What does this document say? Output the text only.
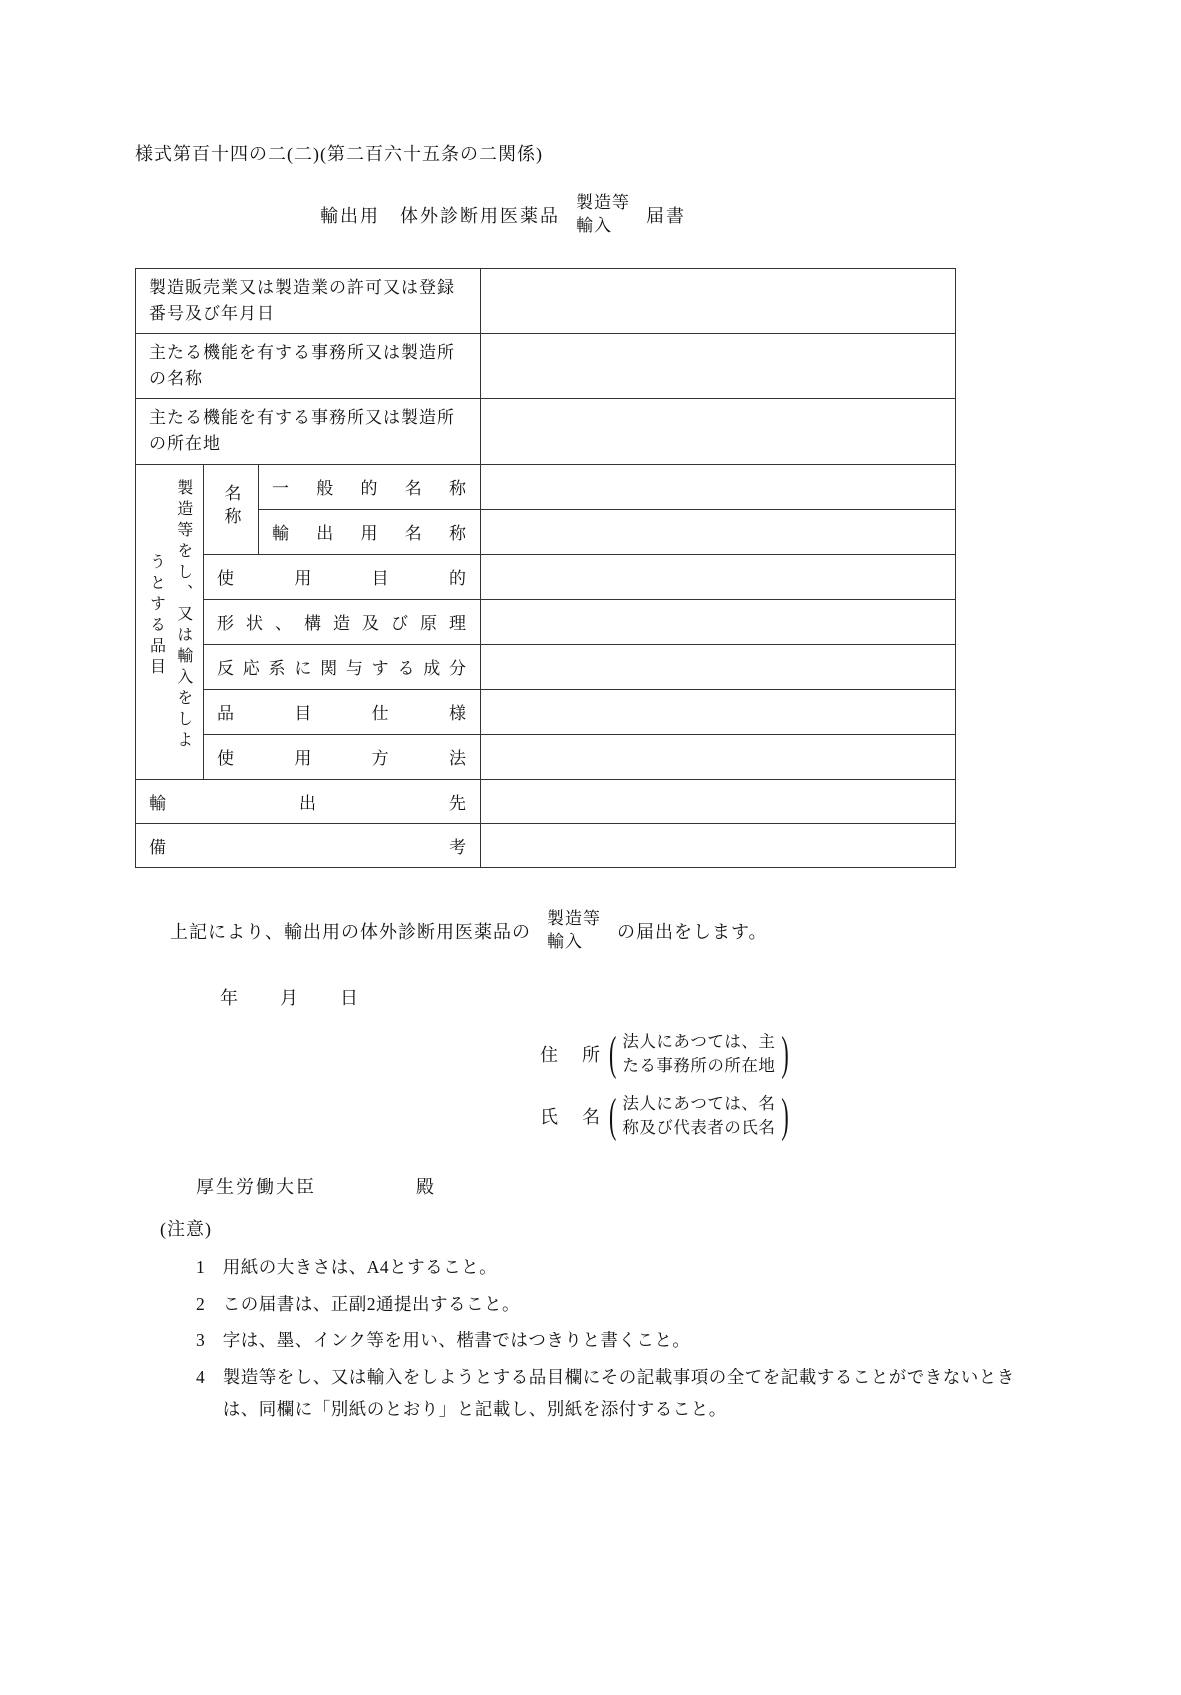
様式第百十四の二(二)(第二百六十五条の二関係)
輸出用　体外診断用医薬品
製造等
輸入	届書
製造販売業又は製造業の許可又は登録番号及び年月日			
主たる機能を有する事務所又は製造所の名称			
主たる機能を有する事務所又は製造所の所在地			
製造等をし、又は輸入をしようとする品目	名称	一般的名称	
		輸出用名称	
	使用目的		
	形状、構造及び原理		
	反応系に関与する成分		
	品目仕様		
	使用方法		
輸出先			
備考			
上記により、輸出用の体外診断用医薬品の
製造等
輸入	の届出をします。
年　　月　　日
住　所 ( 法人にあつては、主
たる事務所の所在地 )
氏　名 ( 法人にあつては、名
称及び代表者の氏名 )
厚生労働大臣	殿
(注意)
1 用紙の大きさは、A4とすること。
2 この届書は、正副2通提出すること。
3 字は、墨、インク等を用い、楷書ではつきりと書くこと。
4 製造等をし、又は輸入をしようとする品目欄にその記載事項の全てを記載することができないときは、同欄に「別紙のとおり」と記載し、別紙を添付すること。
